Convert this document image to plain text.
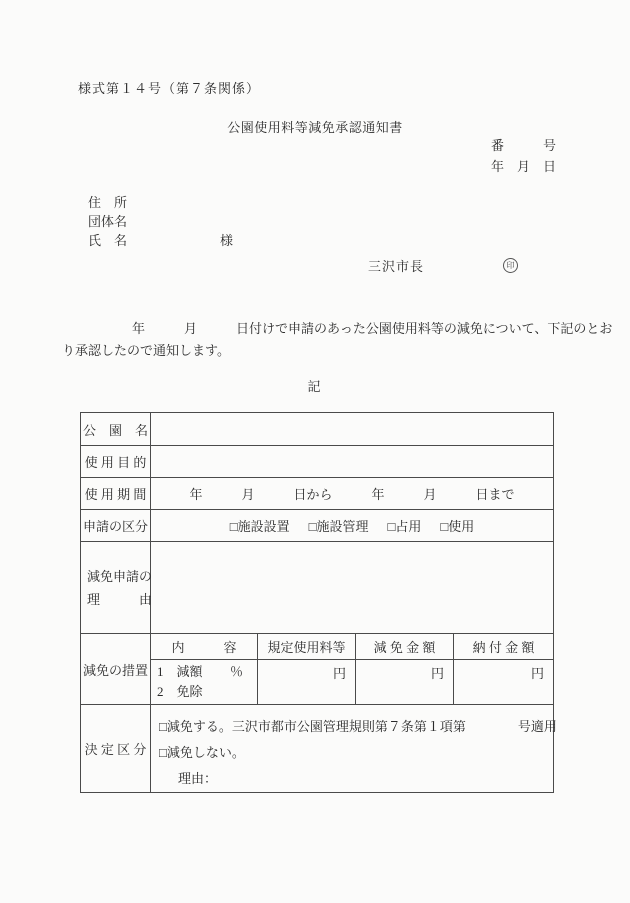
様式第１４号（第７条関係）
公園使用料等減免承認通知書
番　　　号
年　月　日
住　所
団体名
氏　名	様
三沢市長	印
年　　　月　　　日付けで申請のあった公園使用料等の減免について、下記のとお
り承認したので通知します。
記
公　園　名				
使 用 目 的				
使 用 期 間	年　　　月　　　日から　　　年　　　月　　　日まで			
申請の区分	□施設設置 □施設管理 □占用 □使用			

減免申請の
理　　　由				

減免の措置	内　　　容	規定使用料等	減 免 金 額	納 付 金 額

	1　減額 ％
2　免除	円	円	円
決 定 区 分	□減免する。三沢市都市公園管理規則第７条第１項第　　　　号適用
□減免しない。
理由：			
